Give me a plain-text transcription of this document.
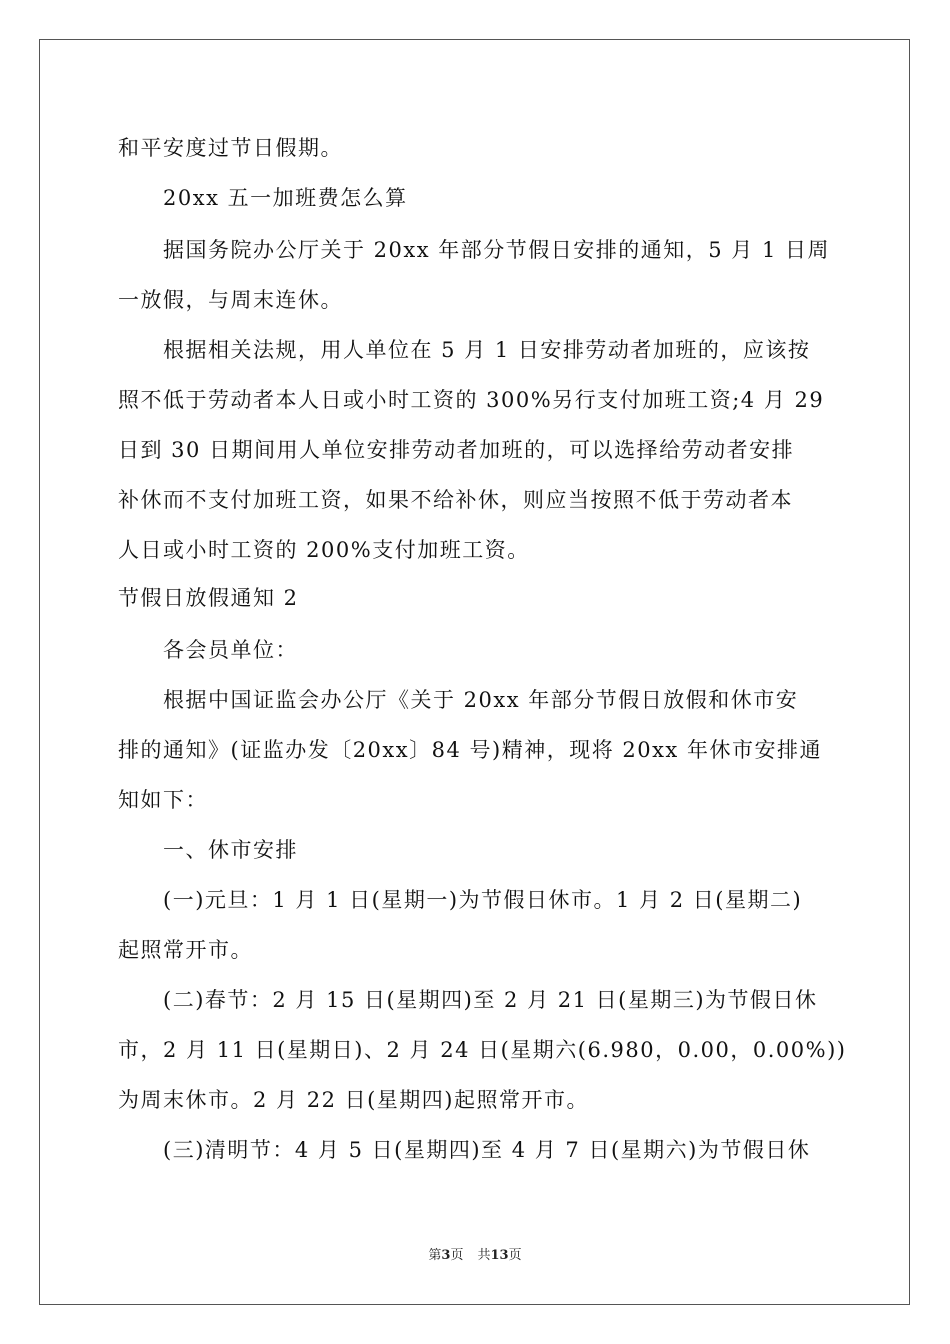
和平安度过节日假期。
20xx 五一加班费怎么算
据国务院办公厅关于 20xx 年部分节假日安排的通知，5 月 1 日周
一放假，与周末连休。
根据相关法规，用人单位在 5 月 1 日安排劳动者加班的，应该按
照不低于劳动者本人日或小时工资的 300%另行支付加班工资;4 月 29
日到 30 日期间用人单位安排劳动者加班的，可以选择给劳动者安排
补休而不支付加班工资，如果不给补休，则应当按照不低于劳动者本
人日或小时工资的 200%支付加班工资。
节假日放假通知 2
各会员单位：
根据中国证监会办公厅《关于 20xx 年部分节假日放假和休市安
排的通知》(证监办发〔20xx〕84 号)精神，现将 20xx 年休市安排通
知如下：
一、休市安排
(一)元旦：1 月 1 日(星期一)为节假日休市。1 月 2 日(星期二)
起照常开市。
(二)春节：2 月 15 日(星期四)至 2 月 21 日(星期三)为节假日休
市，2 月 11 日(星期日)、2 月 24 日(星期六(6.980，0.00，0.00%))
为周末休市。2 月 22 日(星期四)起照常开市。
(三)清明节：4 月 5 日(星期四)至 4 月 7 日(星期六)为节假日休
第3页 共13页
